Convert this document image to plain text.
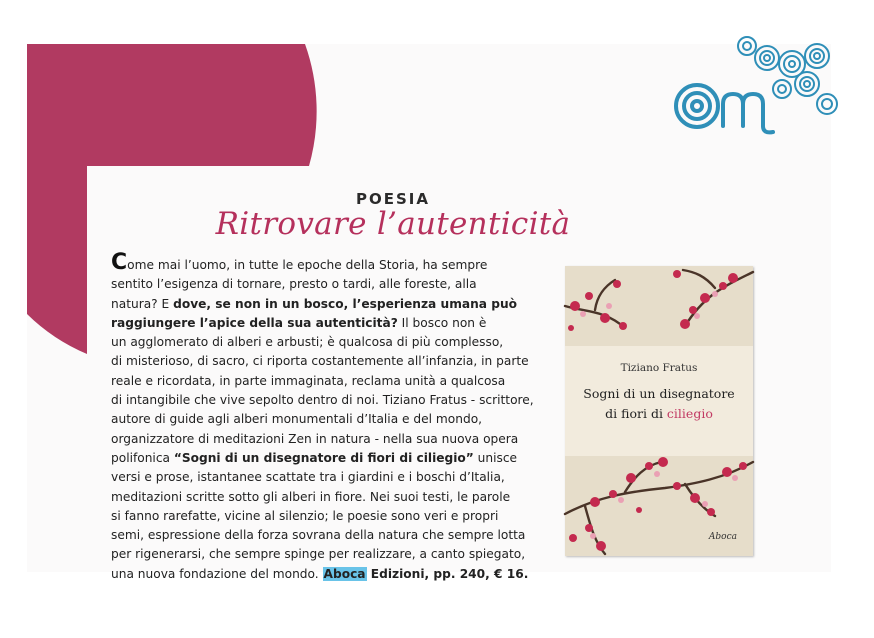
POESIA
Ritrovare l’autenticità
Come mai l’uomo, in tutte le epoche della Storia, ha sempre
sentito l’esigenza di tornare, presto o tardi, alle foreste, alla
natura? E dove, se non in un bosco, l’esperienza umana può
raggiungere l’apice della sua autenticità? Il bosco non è
un agglomerato di alberi e arbusti; è qualcosa di più complesso,
di misterioso, di sacro, ci riporta costantemente all’infanzia, in parte
reale e ricordata, in parte immaginata, reclama unità a qualcosa
di intangibile che vive sepolto dentro di noi. Tiziano Fratus - scrittore,
autore di guide agli alberi monumentali d’Italia e del mondo,
organizzatore di meditazioni Zen in natura - nella sua nuova opera
polifonica “Sogni di un disegnatore di fiori di ciliegio” unisce
versi e prose, istantanee scattate tra i giardini e i boschi d’Italia,
meditazioni scritte sotto gli alberi in fiore. Nei suoi testi, le parole
si fanno rarefatte, vicine al silenzio; le poesie sono veri e propri
semi, espressione della forza sovrana della natura che sempre lotta
per rigenerarsi, che sempre spinge per realizzare, a canto spiegato,
una nuova fondazione del mondo. Aboca Edizioni, pp. 240, € 16.
Tiziano Fratus
Sogni di un disegnatore
di fiori di ciliegio
Aboca
